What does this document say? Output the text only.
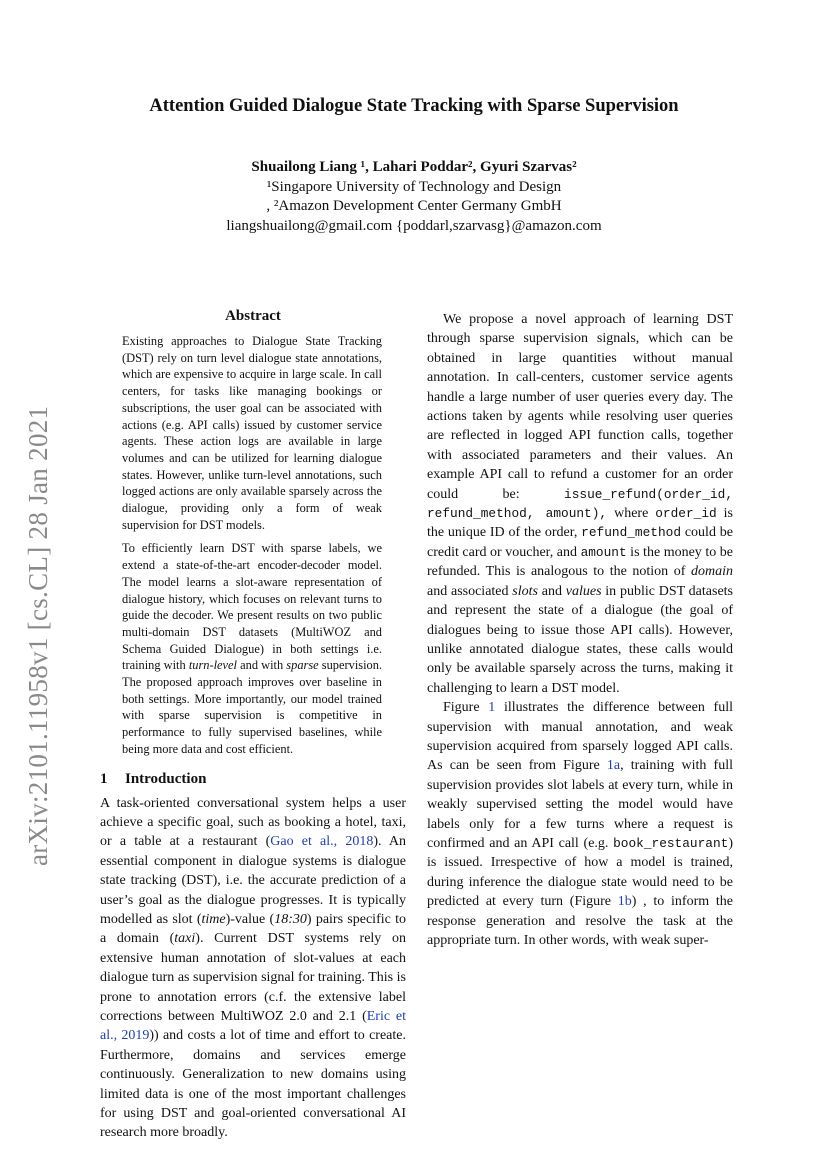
Attention Guided Dialogue State Tracking with Sparse Supervision
Shuailong Liang ¹, Lahari Poddar², Gyuri Szarvas²
¹Singapore University of Technology and Design
, ²Amazon Development Center Germany GmbH
liangshuailong@gmail.com {poddarl,szarvasg}@amazon.com
arXiv:2101.11958v1 [cs.CL] 28 Jan 2021
Abstract

Existing approaches to Dialogue State Tracking (DST) rely on turn level dialogue state annotations, which are expensive to acquire in large scale. In call centers, for tasks like managing bookings or subscriptions, the user goal can be associated with actions (e.g. API calls) issued by customer service agents. These action logs are available in large volumes and can be utilized for learning dialogue states. However, unlike turn-level annotations, such logged actions are only available sparsely across the dialogue, providing only a form of weak supervision for DST models.

To efficiently learn DST with sparse labels, we extend a state-of-the-art encoder-decoder model. The model learns a slot-aware representation of dialogue history, which focuses on relevant turns to guide the decoder. We present results on two public multi-domain DST datasets (MultiWOZ and Schema Guided Dialogue) in both settings i.e. training with turn-level and with sparse supervision. The proposed approach improves over baseline in both settings. More importantly, our model trained with sparse supervision is competitive in performance to fully supervised baselines, while being more data and cost efficient.

1 Introduction

A task-oriented conversational system helps a user achieve a specific goal, such as booking a hotel, taxi, or a table at a restaurant (Gao et al., 2018). An essential component in dialogue systems is dialogue state tracking (DST), i.e. the accurate prediction of a user’s goal as the dialogue progresses. It is typically modelled as slot (time)-value (18:30) pairs specific to a domain (taxi). Current DST systems rely on extensive human annotation of slot-values at each dialogue turn as supervision signal for training. This is prone to annotation errors (c.f. the extensive label corrections between MultiWOZ 2.0 and 2.1 (Eric et al., 2019)) and costs a lot of time and effort to create. Furthermore, domains and services emerge continuously. Generalization to new domains using limited data is one of the most important challenges for using DST and goal-oriented conversational AI research more broadly.

We propose a novel approach of learning DST through sparse supervision signals, which can be obtained in large quantities without manual annotation. In call-centers, customer service agents handle a large number of user queries every day. The actions taken by agents while resolving user queries are reflected in logged API function calls, together with associated parameters and their values. An example API call to refund a customer for an order could be: issue_refund(order_id, refund_method, amount), where order_id is the unique ID of the order, refund_method could be credit card or voucher, and amount is the money to be refunded. This is analogous to the notion of domain and associated slots and values in public DST datasets and represent the state of a dialogue (the goal of dialogues being to issue those API calls). However, unlike annotated dialogue states, these calls would only be available sparsely across the turns, making it challenging to learn a DST model.

Figure 1 illustrates the difference between full supervision with manual annotation, and weak supervision acquired from sparsely logged API calls. As can be seen from Figure 1a, training with full supervision provides slot labels at every turn, while in weakly supervised setting the model would have labels only for a few turns where a request is confirmed and an API call (e.g. book_restaurant) is issued. Irrespective of how a model is trained, during inference the dialogue state would need to be predicted at every turn (Figure 1b) , to inform the response generation and resolve the task at the appropriate turn. In other words, with weak super-
